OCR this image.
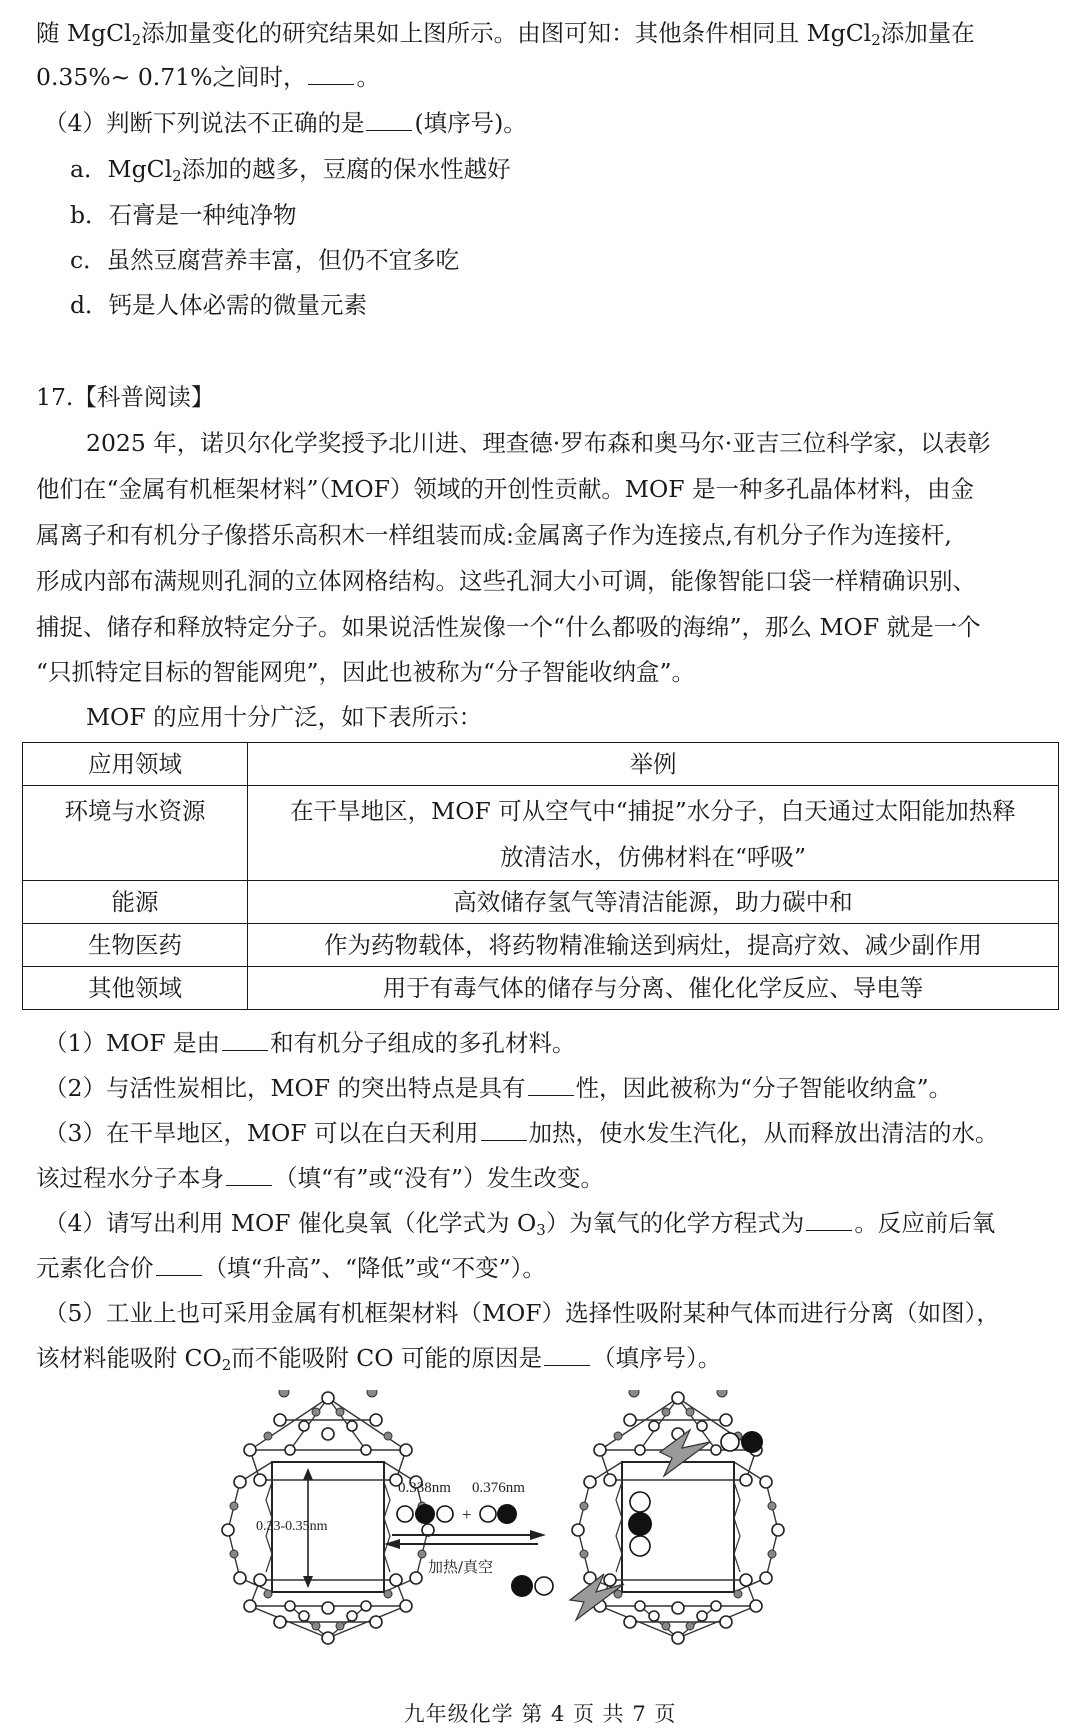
随 MgCl$_2$添加量变化的研究结果如上图所示。由图可知：其他条件相同且 MgCl$_2$添加量在
0.35%~ 0.71%之间时， 。
（4）判断下列说法不正确的是 (填序号)。
a．MgCl$_2$添加的越多，豆腐的保水性越好
b．石膏是一种纯净物
c．虽然豆腐营养丰富，但仍不宜多吃
d．钙是人体必需的微量元素
17.【科普阅读】
2025 年，诺贝尔化学奖授予北川进、理查德·罗布森和奥马尔·亚吉三位科学家，以表彰
他们在“金属有机框架材料”（MOF）领域的开创性贡献。MOF 是一种多孔晶体材料，由金
属离子和有机分子像搭乐高积木一样组装而成:金属离子作为连接点,有机分子作为连接杆,
形成内部布满规则孔洞的立体网格结构。这些孔洞大小可调，能像智能口袋一样精确识别、
捕捉、储存和释放特定分子。如果说活性炭像一个“什么都吸的海绵”，那么 MOF 就是一个
“只抓特定目标的智能网兜”，因此也被称为“分子智能收纳盒”。
MOF 的应用十分广泛，如下表所示：
应用领域	举例
环境与水资源	在干旱地区，MOF 可从空气中“捕捉”水分子，白天通过太阳能加热释
放清洁水，仿佛材料在“呼吸”

能源	高效储存氢气等清洁能源，助力碳中和
生物医药	作为药物载体，将药物精准输送到病灶，提高疗效、减少副作用
其他领域	用于有毒气体的储存与分离、催化化学反应、导电等
（1）MOF 是由 和有机分子组成的多孔材料。
（2）与活性炭相比，MOF 的突出特点是具有 性，因此被称为“分子智能收纳盒”。
（3）在干旱地区，MOF 可以在白天利用 加热，使水发生汽化，从而释放出清洁的水。
该过程水分子本身 （填“有”或“没有”）发生改变。
（4）请写出利用 MOF 催化臭氧（化学式为 $O_3$）为氧气的化学方程式为 。反应前后氧
元素化合价 （填“升高”、“降低”或“不变”）。
（5）工业上也可采用金属有机框架材料（MOF）选择性吸附某种气体而进行分离（如图），
该材料能吸附 $CO_2$而不能吸附 CO 可能的原因是 （填序号）。
0.33-0.35nm
0.338nm 0.376nm
+
加热/真空
九年级化学 第 4 页 共 7 页
